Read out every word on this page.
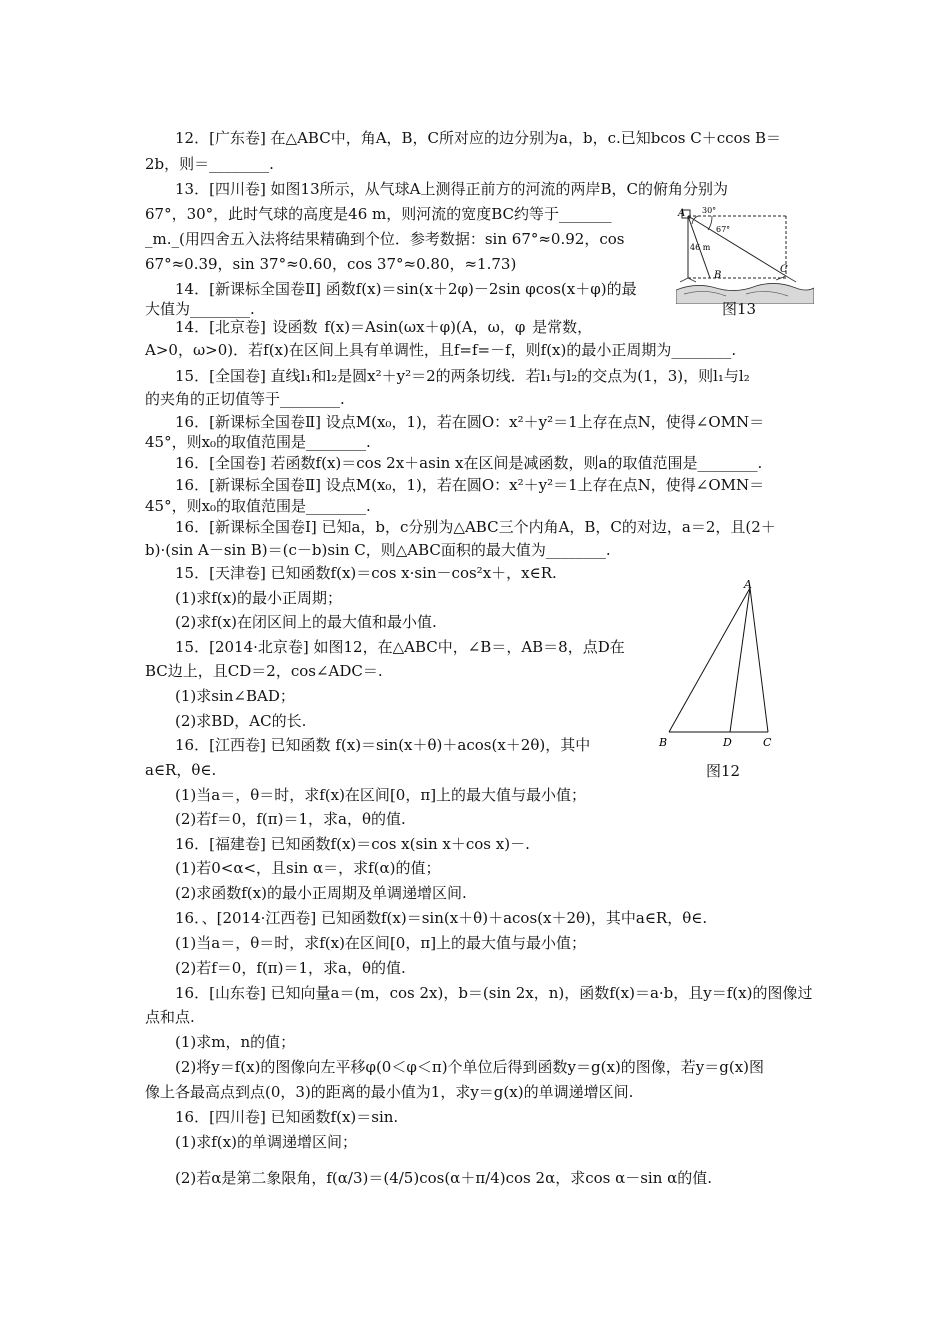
12．[广东卷] 在△ABC中，角A，B，C所对应的边分别为a，b，c.已知bcos C＋ccos B＝
2b，则＝________.
13．[四川卷] 如图13所示，从气球A上测得正前方的河流的两岸B，C的俯角分别为
67°，30°，此时气球的高度是46 m，则河流的宽度BC约等于_______
_m._(用四舍五入法将结果精确到个位．参考数据：sin 67°≈0.92，cos
67°≈0.39，sin 37°≈0.60，cos 37°≈0.80，≈1.73)
14．[新课标全国卷Ⅱ] 函数f(x)＝sin(x＋2φ)－2sin φcos(x＋φ)的最
大值为________.
14．[北京卷] 设函数 f(x)＝Asin(ωx＋φ)(A，ω，φ 是常数，
A>0，ω>0)．若f(x)在区间上具有单调性，且f=f=－f，则f(x)的最小正周期为________.
15．[全国卷] 直线l₁和l₂是圆x²＋y²＝2的两条切线．若l₁与l₂的交点为(1，3)，则l₁与l₂
的夹角的正切值等于________.
16．[新课标全国卷Ⅱ] 设点M(x₀，1)，若在圆O：x²＋y²＝1上存在点N，使得∠OMN＝
45°，则x₀的取值范围是________.
16．[全国卷] 若函数f(x)＝cos 2x＋asin x在区间是减函数，则a的取值范围是________.
16．[新课标全国卷Ⅱ] 设点M(x₀，1)，若在圆O：x²＋y²＝1上存在点N，使得∠OMN＝
45°，则x₀的取值范围是________.
16．[新课标全国卷Ⅰ] 已知a，b，c分别为△ABC三个内角A，B，C的对边，a＝2，且(2＋
b)·(sin A－sin B)＝(c－b)sin C，则△ABC面积的最大值为________.
15．[天津卷] 已知函数f(x)＝cos x·sin－cos²x＋，x∈R.
(1)求f(x)的最小正周期；
(2)求f(x)在闭区间上的最大值和最小值.
15．[2014·北京卷] 如图12，在△ABC中，∠B＝，AB＝8，点D在
BC边上，且CD＝2，cos∠ADC＝.
(1)求sin∠BAD；
(2)求BD，AC的长.
16．[江西卷] 已知函数 f(x)＝sin(x＋θ)＋acos(x＋2θ)，其中
a∈R，θ∈.
(1)当a＝，θ＝时，求f(x)在区间[0，π]上的最大值与最小值；
(2)若f＝0，f(π)＝1，求a，θ的值.
16．[福建卷] 已知函数f(x)＝cos x(sin x＋cos x)－.
(1)若0<α<，且sin α＝，求f(α)的值；
(2)求函数f(x)的最小正周期及单调递增区间.
16．、[2014·江西卷] 已知函数f(x)＝sin(x＋θ)＋acos(x＋2θ)，其中a∈R，θ∈.
(1)当a＝，θ＝时，求f(x)在区间[0，π]上的最大值与最小值；
(2)若f＝0，f(π)＝1，求a，θ的值.
16．[山东卷] 已知向量a＝(m，cos 2x)，b＝(sin 2x，n)，函数f(x)＝a·b，且y＝f(x)的图像过
点和点.
(1)求m，n的值；
(2)将y＝f(x)的图像向左平移φ(0＜φ＜π)个单位后得到函数y＝g(x)的图像，若y＝g(x)图
像上各最高点到点(0，3)的距离的最小值为1，求y＝g(x)的单调递增区间.
16．[四川卷] 已知函数f(x)＝sin.
(1)求f(x)的单调递增区间；
(2)若α是第二象限角，f(α/3)＝(4/5)cos(α＋π/4)cos 2α，求cos α－sin α的值.
A
B
C
46 m
30°
67°
图13
A
B	D	C
图12
